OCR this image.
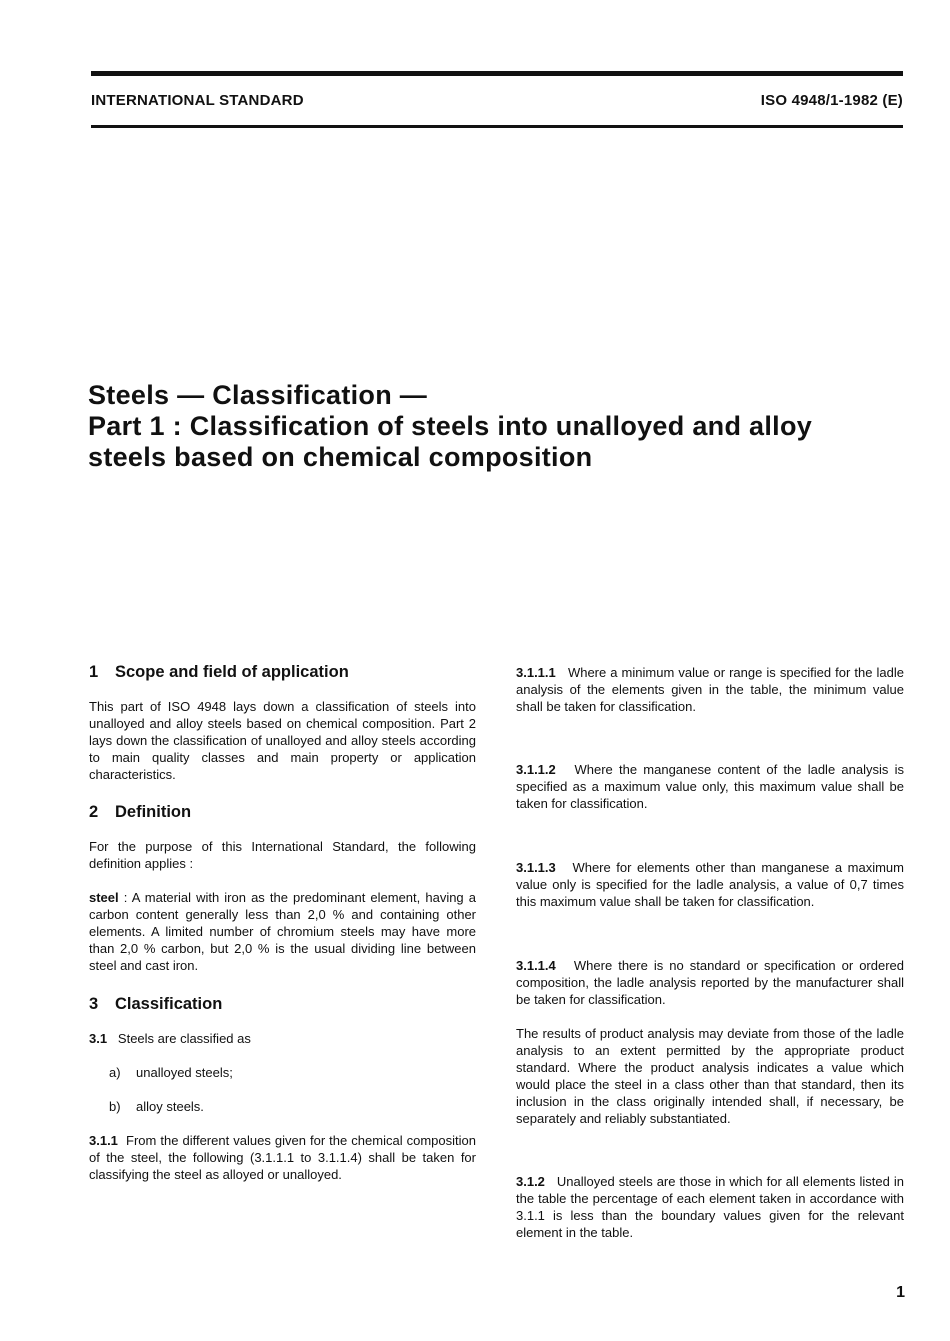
INTERNATIONAL STANDARD	ISO 4948/1-1982 (E)
Steels — Classification —
Part 1 : Classification of steels into unalloyed and alloy
steels based on chemical composition
1 Scope and field of application

This part of ISO 4948 lays down a classification of steels into unalloyed and alloy steels based on chemical composition. Part 2 lays down the classification of unalloyed and alloy steels according to main quality classes and main property or application characteristics.

2 Definition

For the purpose of this International Standard, the following definition applies :

steel : A material with iron as the predominant element, having a carbon content generally less than 2,0 % and containing other elements. A limited number of chromium steels may have more than 2,0 % carbon, but 2,0 % is the usual dividing line between steel and cast iron.

3 Classification

3.1 Steels are classified as

a) unalloyed steels;

b) alloy steels.

3.1.1 From the different values given for the chemical composition of the steel, the following (3.1.1.1 to 3.1.1.4) shall be taken for classifying the steel as alloyed or unalloyed.

3.1.1.1 Where a minimum value or range is specified for the ladle analysis of the elements given in the table, the minimum value shall be taken for classification.

3.1.1.2 Where the manganese content of the ladle analysis is specified as a maximum value only, this maximum value shall be taken for classification.

3.1.1.3 Where for elements other than manganese a maximum value only is specified for the ladle analysis, a value of 0,7 times this maximum value shall be taken for classification.

3.1.1.4 Where there is no standard or specification or ordered composition, the ladle analysis reported by the manufacturer shall be taken for classification.

The results of product analysis may deviate from those of the ladle analysis to an extent permitted by the appropriate product standard. Where the product analysis indicates a value which would place the steel in a class other than that standard, then its inclusion in the class originally intended shall, if necessary, be separately and reliably substantiated.

3.1.2 Unalloyed steels are those in which for all elements listed in the table the percentage of each element taken in accordance with 3.1.1 is less than the boundary values given for the relevant element in the table.

1
